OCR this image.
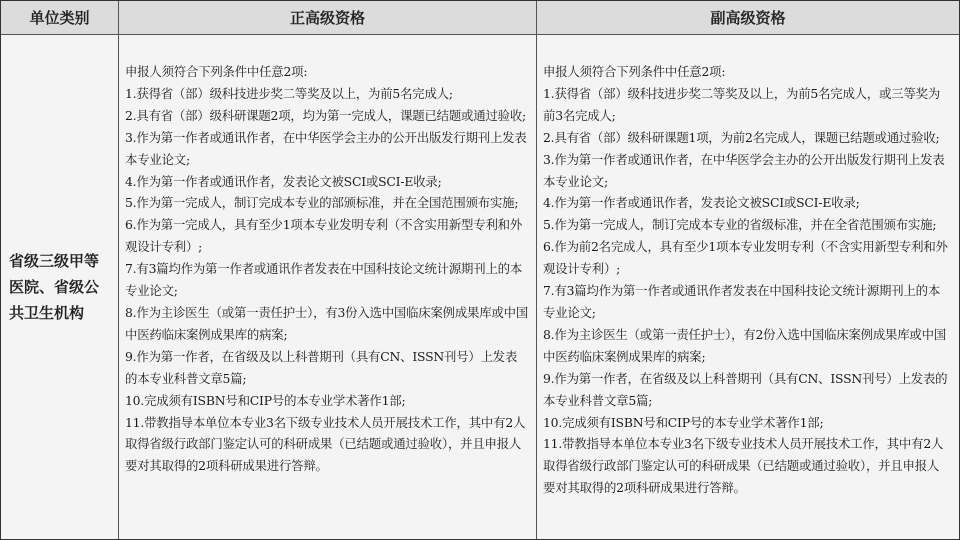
单位类别	正高级资格	副高级资格
省级三级甲等医院、省级公共卫生机构
申报人须符合下列条件中任意2项:
1.获得省（部）级科技进步奖二等奖及以上，为前5名完成人;
2.具有省（部）级科研课题2项，均为第一完成人，课题已结题或通过验收;
3.作为第一作者或通讯作者，在中华医学会主办的公开出版发行期刊上发表本专业论文;
4.作为第一作者或通讯作者，发表论文被SCI或SCI-E收录;
5.作为第一完成人，制订完成本专业的部颁标准，并在全国范围颁布实施;
6.作为第一完成人，具有至少1项本专业发明专利（不含实用新型专利和外观设计专利）;
7.有3篇均作为第一作者或通讯作者发表在中国科技论文统计源期刊上的本专业论文;
8.作为主诊医生（或第一责任护士），有3份入选中国临床案例成果库或中国中医药临床案例成果库的病案;
9.作为第一作者，在省级及以上科普期刊（具有CN、ISSN刊号）上发表的本专业科普文章5篇;
10.完成须有ISBN号和CIP号的本专业学术著作1部;
11.带教指导本单位本专业3名下级专业技术人员开展技术工作，其中有2人取得省级行政部门鉴定认可的科研成果（已结题或通过验收），并且申报人要对其取得的2项科研成果进行答辩。
申报人须符合下列条件中任意2项:
1.获得省（部）级科技进步奖二等奖及以上，为前5名完成人，或三等奖为前3名完成人;
2.具有省（部）级科研课题1项，为前2名完成人，课题已结题或通过验收;
3.作为第一作者或通讯作者，在中华医学会主办的公开出版发行期刊上发表本专业论文;
4.作为第一作者或通讯作者，发表论文被SCI或SCI-E收录;
5.作为第一完成人，制订完成本专业的省级标准，并在全省范围颁布实施;
6.作为前2名完成人，具有至少1项本专业发明专利（不含实用新型专利和外观设计专利）;
7.有3篇均作为第一作者或通讯作者发表在中国科技论文统计源期刊上的本专业论文;
8.作为主诊医生（或第一责任护士），有2份入选中国临床案例成果库或中国中医药临床案例成果库的病案;
9.作为第一作者，在省级及以上科普期刊（具有CN、ISSN刊号）上发表的本专业科普文章5篇;
10.完成须有ISBN号和CIP号的本专业学术著作1部;
11.带教指导本单位本专业3名下级专业技术人员开展技术工作，其中有2人取得省级行政部门鉴定认可的科研成果（已结题或通过验收），并且申报人要对其取得的2项科研成果进行答辩。
